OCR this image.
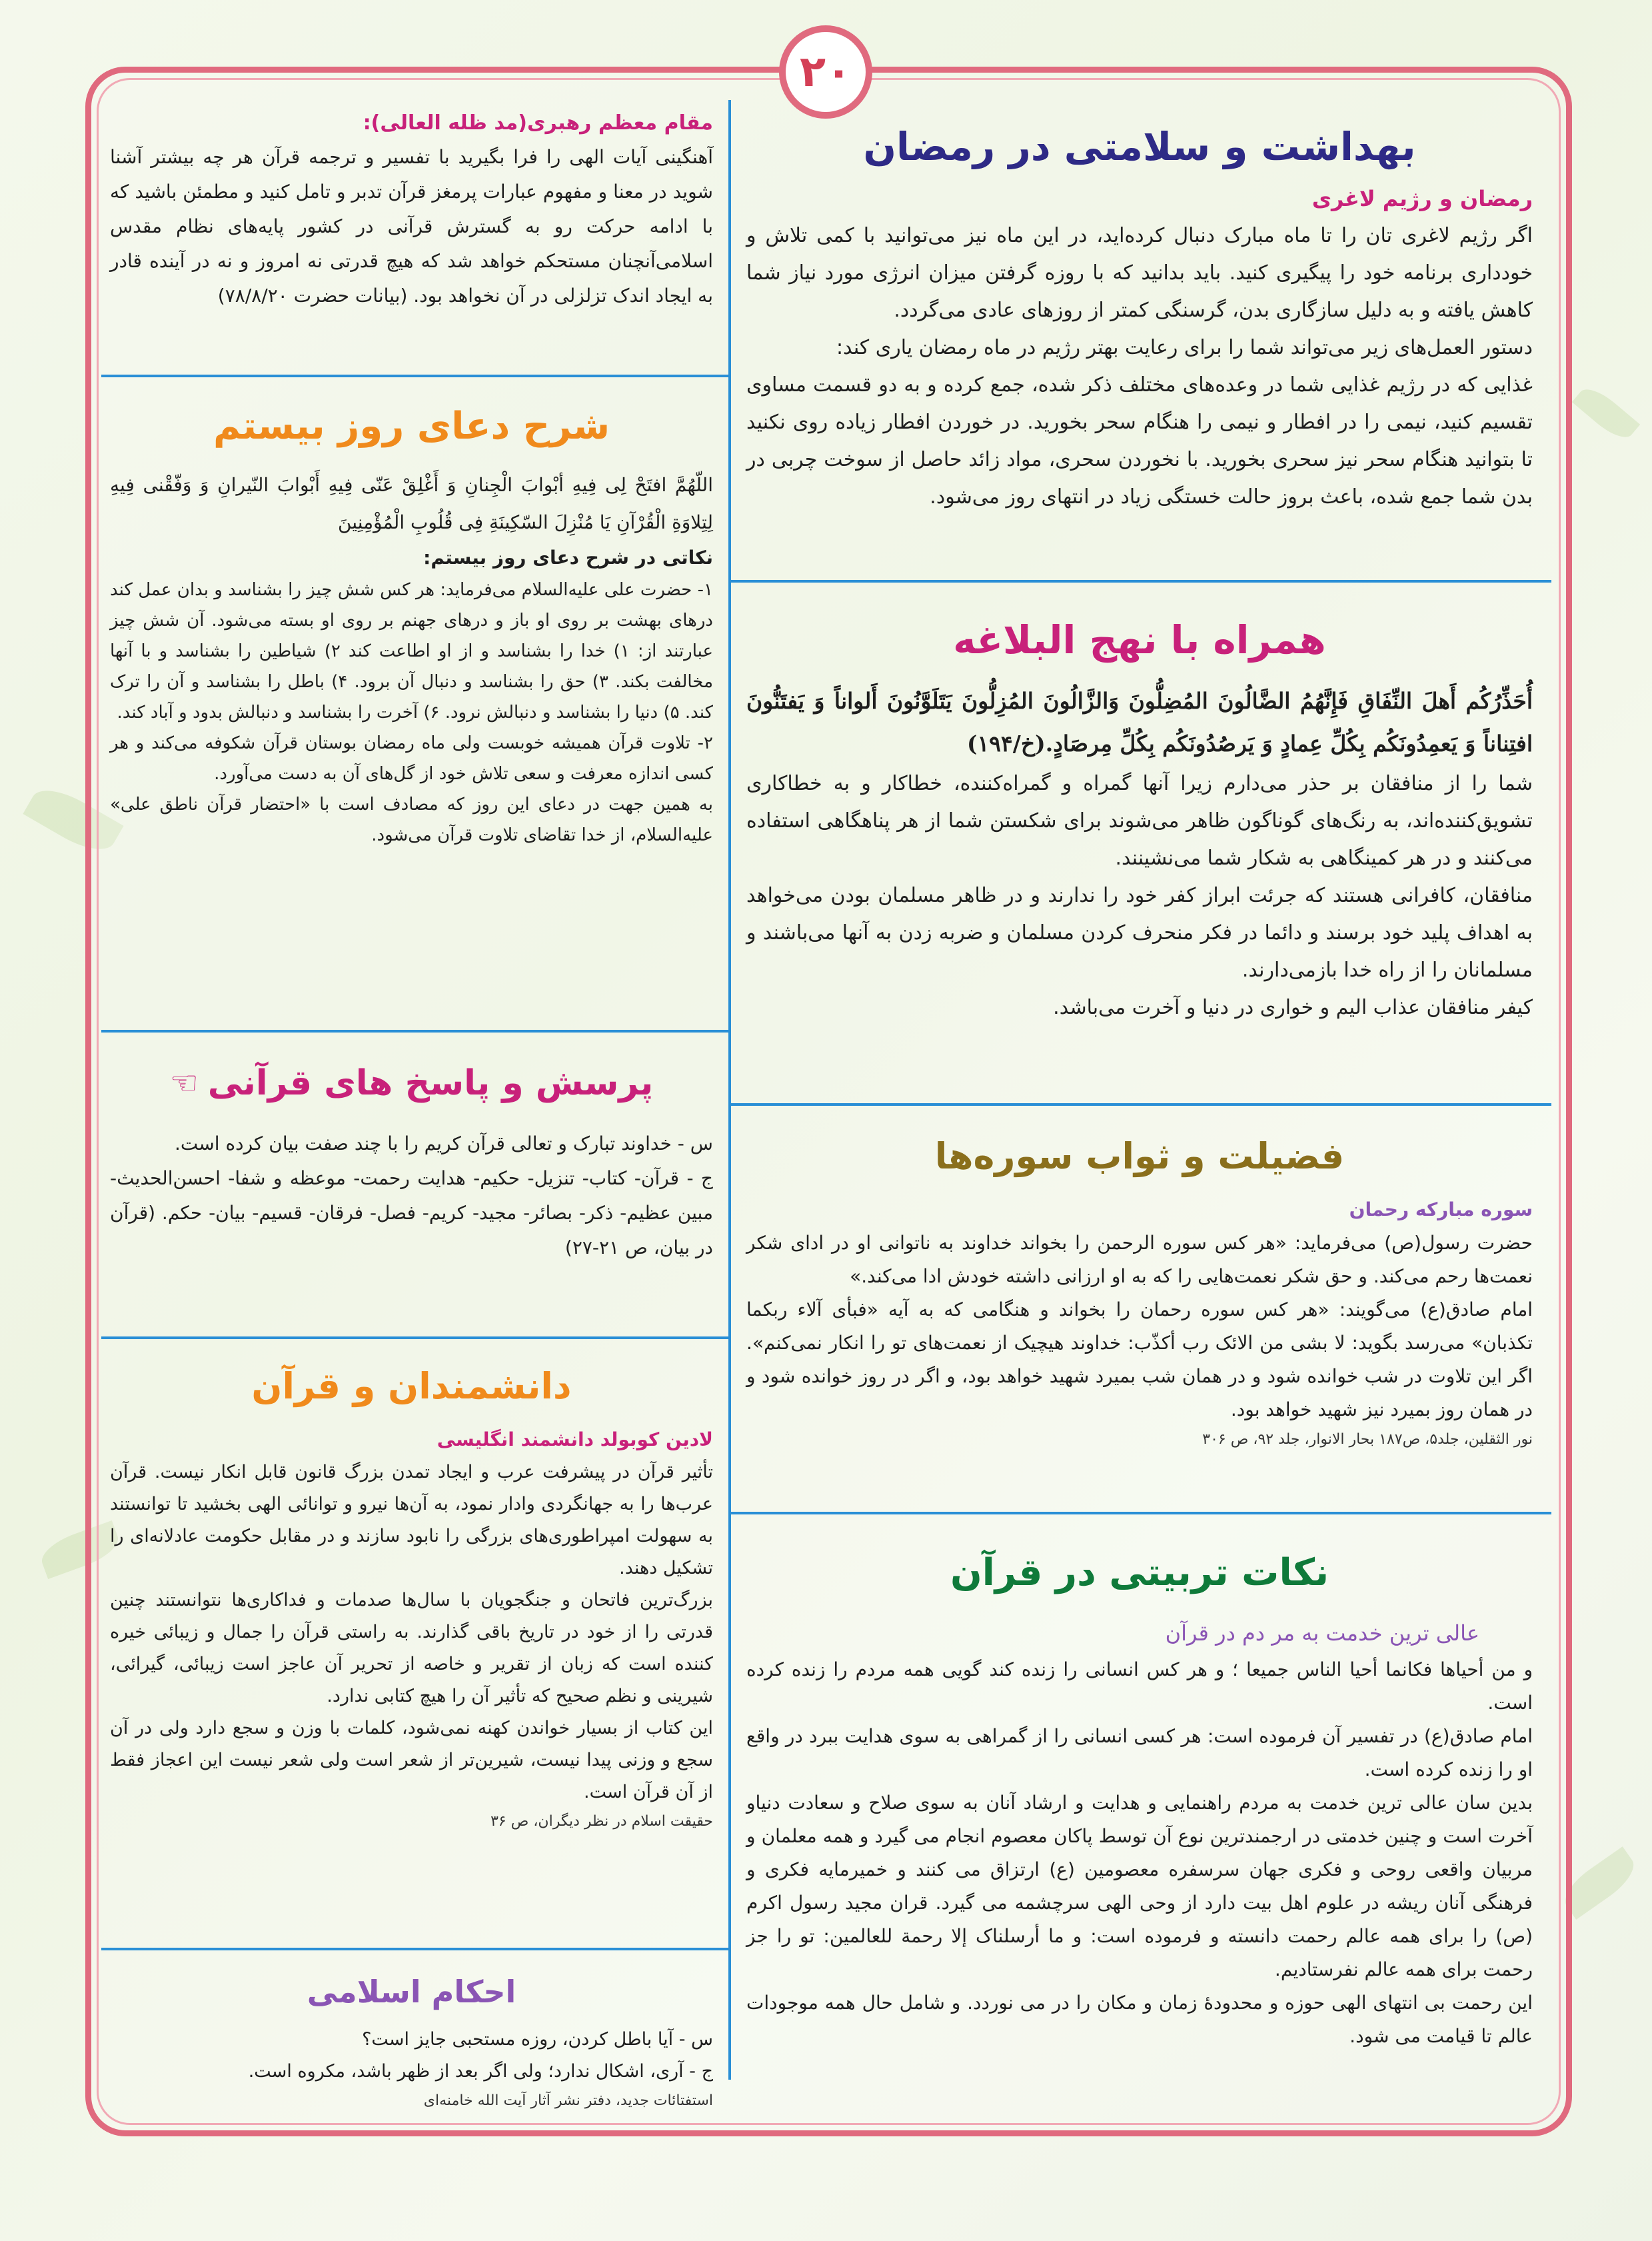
۲۰
بهداشت و سلامتی در رمضان
رمضان و رژیم لاغری

اگر رژیم لاغری تان را تا ماه مبارک دنبال کرده‌اید، در این ماه نیز می‌توانید با کمی تلاش و خودداری برنامه خود را پیگیری کنید. باید بدانید که با روزه گرفتن میزان انرژی مورد نیاز شما کاهش یافته و به دلیل سازگاری بدن، گرسنگی کمتر از روزهای عادی می‌گردد.

دستور العمل‌های زیر می‌تواند شما را برای رعایت بهتر رژیم در ماه رمضان یاری کند:

غذایی که در رژیم غذایی شما در وعده‌های مختلف ذکر شده، جمع کرده و به دو قسمت مساوی تقسیم کنید، نیمی را در افطار و نیمی را هنگام سحر بخورید. در خوردن افطار زیاده روی نکنید تا بتوانید هنگام سحر نیز سحری بخورید. با نخوردن سحری، مواد زائد حاصل از سوخت چربی در بدن شما جمع شده، باعث بروز حالت خستگی زیاد در انتهای روز می‌شود.

همراه با نهج البلاغه
أُحَذِّرُکُم أَهلَ النِّفَاقِ فَإِنَّهُمُ الضَّالُونَ المُضِلُّونَ وَالزَّالُونَ المُزِلُّونَ یَتَلَوَّنُونَ أَلواناً وَ یَفتَنُّونَ افتِناناً وَ یَعمِدُونَکُم بِکُلِّ عِمادٍ وَ یَرصُدُونَکُم بِکُلِّ مِرصَادٍ.(خ/۱۹۴)

شما را از منافقان بر حذر می‌دارم زیرا آنها گمراه و گمراه‌کننده، خطاکار و به خطاکاری تشویق‌کننده‌اند، به رنگ‌های گوناگون ظاهر می‌شوند برای شکستن شما از هر پناهگاهی استفاده می‌کنند و در هر کمینگاهی به شکار شما می‌نشینند.

منافقان، کافرانی هستند که جرئت ابراز کفر خود را ندارند و در ظاهر مسلمان بودن می‌خواهد به اهداف پلید خود برسند و دائما در فکر منحرف کردن مسلمان و ضربه زدن به آنها می‌باشند و مسلمانان را از راه خدا بازمی‌دارند.

کیفر منافقان عذاب الیم و خواری در دنیا و آخرت می‌باشد.

فضیلت و ثواب سوره‌ها
سوره مبارکه رحمان

حضرت رسول(ص) می‌فرماید: «هر کس سوره الرحمن را بخواند خداوند به ناتوانی او در ادای شکر نعمت‌ها رحم می‌کند. و حق شکر نعمت‌هایی را که به او ارزانی داشته خودش ادا می‌کند.»

امام صادق(ع) می‌گویند: «هر کس سوره رحمان را بخواند و هنگامی که به آیه «فبأی آلاء ربکما تکذبان» می‌رسد بگوید: لا بشی من الائک رب أکذّب: خداوند هیچیک از نعمت‌های تو را انکار نمی‌کنم». اگر این تلاوت در شب خوانده شود و در همان شب بمیرد شهید خواهد بود، و اگر در روز خوانده شود و در همان روز بمیرد نیز شهید خواهد بود.

نور الثقلین، جلد۵، ص۱۸۷ بحار الانوار، جلد ۹۲، ص ۳۰۶
نکات تربیتی در قرآن
عالی ترین خدمت به مر دم در قرآن

و من أحیاها فکانما أحیا الناس جمیعا ؛ و هر کس انسانی را زنده کند گویی همه مردم را زنده کرده است.

امام صادق(ع) در تفسیر آن فرموده است: هر کسی انسانی را از گمراهی به سوی هدایت ببرد در واقع او را زنده کرده است.

بدین سان عالی ترین خدمت به مردم راهنمایی و هدایت و ارشاد آنان به سوی صلاح و سعادت دنیاو آخرت است و چنین خدمتی در ارجمندترین نوع آن توسط پاکان معصوم انجام می گیرد و همه معلمان و مربیان واقعی روحی و فکری جهان سرسفره معصومین (ع) ارتزاق می کنند و خمیرمایه فکری و فرهنگی آنان ریشه در علوم اهل بیت دارد از وحی الهی سرچشمه می گیرد. قران مجید رسول اکرم (ص) را برای همه عالم رحمت دانسته و فرموده است: و ما أرسلناک إلا رحمة للعالمین: تو را جز رحمت برای همه عالم نفرستادیم.

این رحمت بی انتهای الهی حوزه و محدودهٔ زمان و مکان را در می نوردد. و شامل حال همه موجودات عالم تا قیامت می شود.

مقام معظم رهبری(مد ظله العالی):

آهنگینی آیات الهی را فرا بگیرید با تفسیر و ترجمه قرآن هر چه بیشتر آشنا شوید در معنا و مفهوم عبارات پرمغز قرآن تدبر و تامل کنید و مطمئن باشید که با ادامه حرکت رو به گسترش قرآنی در کشور پایه‌های نظام مقدس اسلامی‌آنچنان مستحکم خواهد شد که هیچ قدرتی نه امروز و نه در آینده قادر به ایجاد اندک تزلزلی در آن نخواهد بود. (بیانات حضرت ۷۸/۸/۲۰)

شرح دعای روز بیستم
اللّهُمَّ افتَحْ لِی فِیهِ أبْوابَ الْجِنانِ وَ أَغْلِقْ عَنّی فِیهِ أَبْوابَ النّیرانِ وَ وَفّقْنی فِیهِ لِتِلاوَةِ الْقُرْآنِ یَا مُنْزِلَ السّکِینَةِ فِی قُلُوبِ الْمُؤْمِنِینَ
نکاتی در شرح دعای روز بیستم:

۱- حضرت علی علیه‌السلام می‌فرماید: هر کس شش چیز را بشناسد و بدان عمل کند درهای بهشت بر روی او باز و درهای جهنم بر روی او بسته می‌شود. آن شش چیز عبارتند از: ۱) خدا را بشناسد و از او اطاعت کند ۲) شیاطین را بشناسد و با آنها مخالفت بکند. ۳) حق را بشناسد و دنبال آن برود. ۴) باطل را بشناسد و آن را ترک کند. ۵) دنیا را بشناسد و دنبالش نرود. ۶) آخرت را بشناسد و دنبالش بدود و آباد کند.

۲- تلاوت قرآن همیشه خوبست ولی ماه رمضان بوستان قرآن شکوفه می‌کند و هر کسی اندازه معرفت و سعی تلاش خود از گل‌های آن به دست می‌آورد.

به همین جهت در دعای این روز که مصادف است با «احتضار قرآن ناطق علی» علیه‌السلام، از خدا تقاضای تلاوت قرآن می‌شود.

پرسش و پاسخ های قرآنی
☜

س - خداوند تبارک و تعالی قرآن کریم را با چند صفت بیان کرده است.

ج - قرآن- کتاب- تنزیل- حکیم- هدایت رحمت- موعظه و شفا- احسن‌الحدیث- مبین عظیم- ذکر- بصائر- مجید- کریم- فصل- فرقان- قسیم- بیان- حکم. (قرآن در بیان، ص ۲۱-۲۷)

دانشمندان و قرآن
لادین کوبولد دانشمند انگلیسی

تأثیر قرآن در پیشرفت عرب و ایجاد تمدن بزرگ قانون قابل انکار نیست. قرآن عرب‌ها را به جهانگردی وادار نمود، به آن‌ها نیرو و توانائی الهی بخشید تا توانستند به سهولت امپراطوری‌های بزرگی را نابود سازند و در مقابل حکومت عادلانه‌ای را تشکیل دهند.

بزرگ‌ترین فاتحان و جنگجویان با سال‌ها صدمات و فداکاری‌ها نتوانستند چنین قدرتی را از خود در تاریخ باقی گذارند. به راستی قرآن را جمال و زیبائی خیره کننده است که زبان از تقریر و خاصه از تحریر آن عاجز است زیبائی، گیرائی، شیرینی و نظم صحیح که تأثیر آن را هیچ کتابی ندارد.

این کتاب از بسیار خواندن کهنه نمی‌شود، کلمات با وزن و سجع دارد ولی در آن سجع و وزنی پیدا نیست، شیرین‌تر از شعر است ولی شعر نیست این اعجاز فقط از آن قرآن است.

حقیقت اسلام در نظر دیگران، ص ۳۶
احکام اسلامی

س - آیا باطل کردن، روزه مستحبی جایز است؟

ج - آری، اشکال ندارد؛ ولی اگر بعد از ظهر باشد، مکروه است.

استفتائات جدید، دفتر نشر آثار آیت الله خامنه‌ای
